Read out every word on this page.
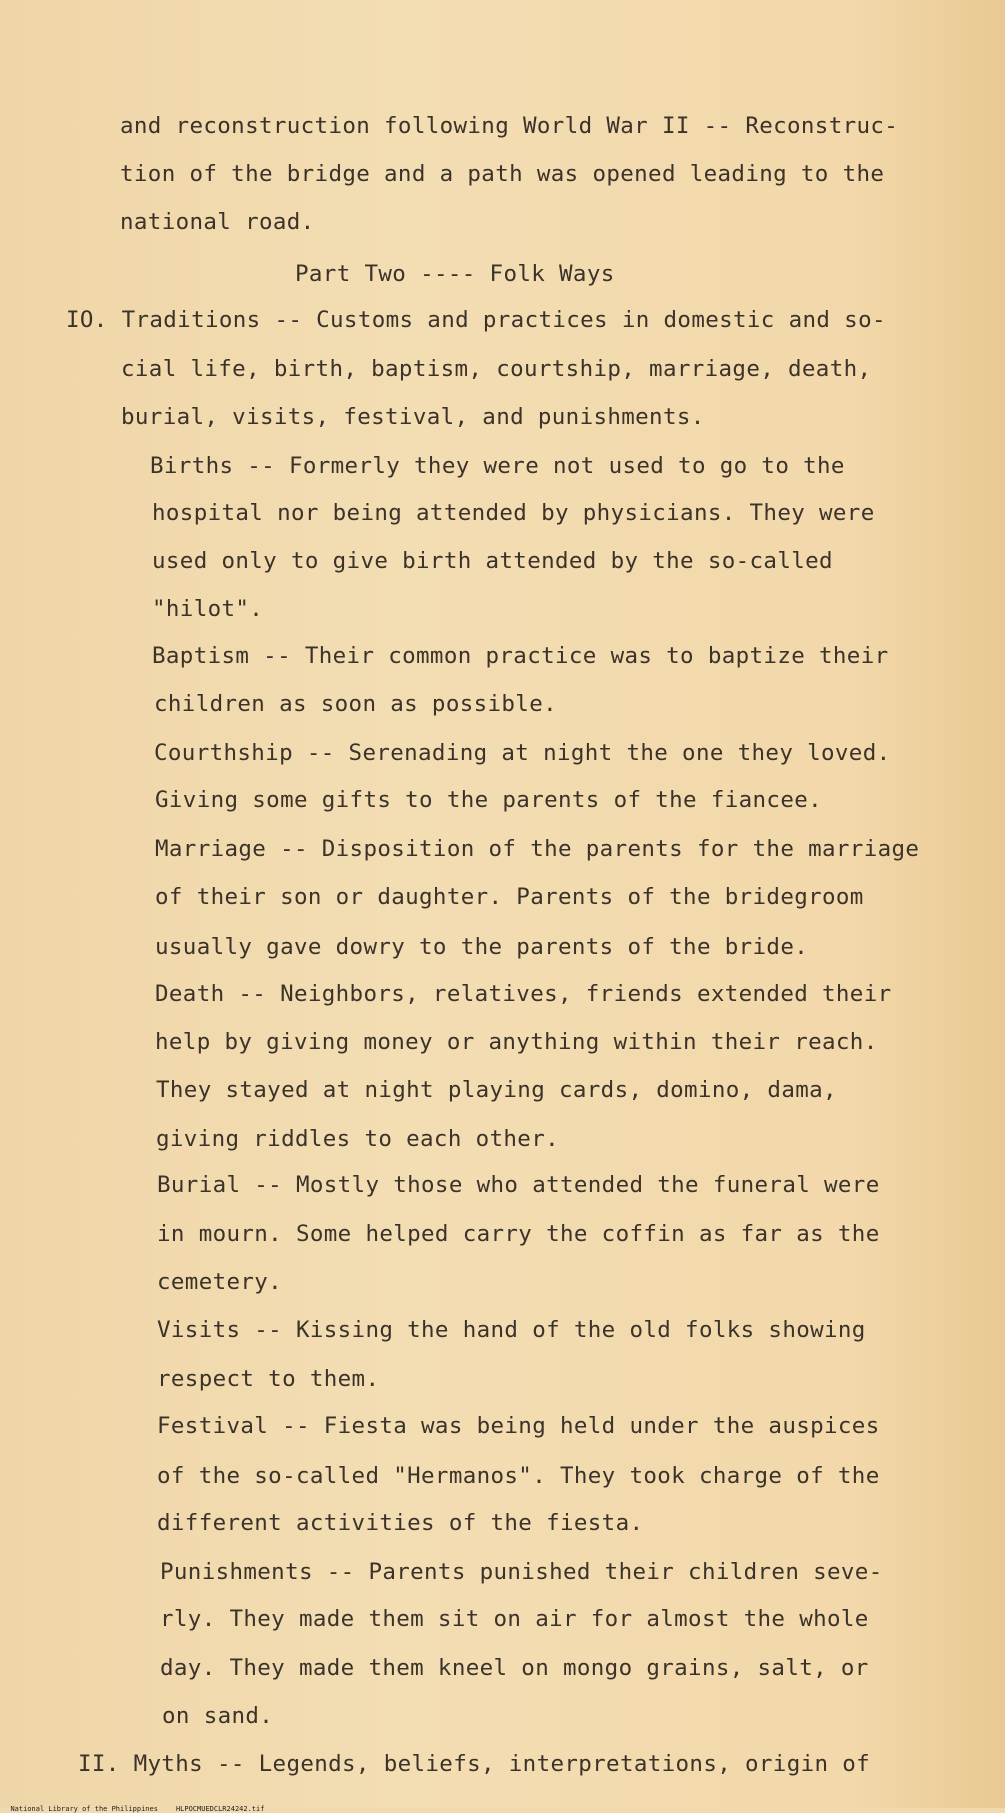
and reconstruction following World War II -- Reconstruc-
tion of the bridge and a path was opened leading to the
national road.
Part Two ---- Folk Ways
IO. Traditions -- Customs and practices in domestic and so-
cial life, birth, baptism, courtship, marriage, death,
burial, visits, festival, and punishments.
Births -- Formerly they were not used to go to the
hospital nor being attended by physicians. They were
used only to give birth attended by the so-called
"hilot".
Baptism -- Their common practice was to baptize their
children as soon as possible.
Courthship -- Serenading at night the one they loved.
Giving some gifts to the parents of the fiancee.
Marriage -- Disposition of the parents for the marriage
of their son or daughter. Parents of the bridegroom
usually gave dowry to the parents of the bride.
Death -- Neighbors, relatives, friends extended their
help by giving money or anything within their reach.
They stayed at night playing cards, domino, dama,
giving riddles to each other.
Burial -- Mostly those who attended the funeral were
in mourn. Some helped carry the coffin as far as the
cemetery.
Visits -- Kissing the hand of the old folks showing
respect to them.
Festival -- Fiesta was being held under the auspices
of the so-called "Hermanos". They took charge of the
different activities of the fiesta.
Punishments -- Parents punished their children seve-
rly. They made them sit on air for almost the whole
day. They made them kneel on mongo grains, salt, or
on sand.
II. Myths -- Legends, beliefs, interpretations, origin of

National Library of the Philippines	HLPOCMUEDCLR24242.tif
